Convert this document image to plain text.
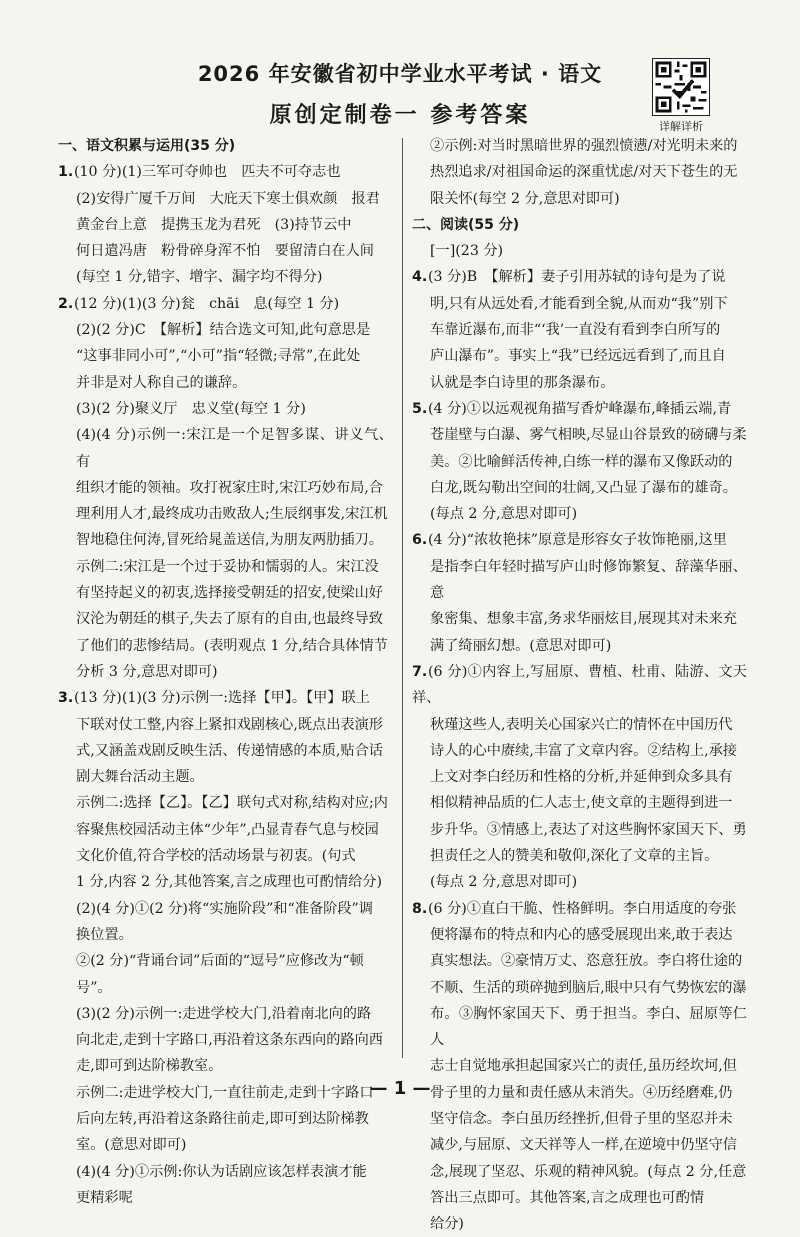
2026 年安徽省初中学业水平考试 · 语文
原创定制卷一 参考答案	详解详析

一、语文积累与运用(35 分)

1.(10 分)(1)三军可夺帅也　匹夫不可夺志也

(2)安得广厦千万间　大庇天下寒士俱欢颜　报君

黄金台上意　提携玉龙为君死　(3)持节云中

何日遣冯唐　粉骨碎身浑不怕　要留清白在人间

(每空 1 分,错字、增字、漏字均不得分)

2.(12 分)(1)(3 分)瓮　chāi　息(每空 1 分)

(2)(2 分)C　【解析】结合选文可知,此句意思是

“这事非同小可”,“小可”指“轻微;寻常”,在此处

并非是对人称自己的谦辞。

(3)(2 分)聚义厅　忠义堂(每空 1 分)

(4)(4 分)示例一:宋江是一个足智多谋、讲义气、有

组织才能的领袖。攻打祝家庄时,宋江巧妙布局,合

理利用人才,最终成功击败敌人;生辰纲事发,宋江机

智地稳住何涛,冒死给晁盖送信,为朋友两肋插刀。

示例二:宋江是一个过于妥协和懦弱的人。宋江没

有坚持起义的初衷,选择接受朝廷的招安,使梁山好

汉沦为朝廷的棋子,失去了原有的自由,也最终导致

了他们的悲惨结局。(表明观点 1 分,结合具体情节

分析 3 分,意思对即可)

3.(13 分)(1)(3 分)示例一:选择【甲】。【甲】联上

下联对仗工整,内容上紧扣戏剧核心,既点出表演形

式,又涵盖戏剧反映生活、传递情感的本质,贴合话

剧大舞台活动主题。

示例二:选择【乙】。【乙】联句式对称,结构对应;内

容聚焦校园活动主体“少年”,凸显青春气息与校园

文化价值,符合学校的活动场景与初衷。(句式

1 分,内容 2 分,其他答案,言之成理也可酌情给分)

(2)(4 分)①(2 分)将“实施阶段”和“准备阶段”调

换位置。

②(2 分)“背诵台词”后面的“逗号”应修改为“顿

号”。

(3)(2 分)示例一:走进学校大门,沿着南北向的路

向北走,走到十字路口,再沿着这条东西向的路向西

走,即可到达阶梯教室。

示例二:走进学校大门,一直往前走,走到十字路口

后向左转,再沿着这条路往前走,即可到达阶梯教

室。(意思对即可)

(4)(4 分)①示例:你认为话剧应该怎样表演才能

更精彩呢

②示例:对当时黑暗世界的强烈愤懑/对光明未来的

热烈追求/对祖国命运的深重忧虑/对天下苍生的无

限关怀(每空 2 分,意思对即可)

二、阅读(55 分)

[一](23 分)

4.(3 分)B　【解析】妻子引用苏轼的诗句是为了说

明,只有从远处看,才能看到全貌,从而劝“我”别下

车靠近瀑布,而非“‘我’一直没有看到李白所写的

庐山瀑布”。事实上“我”已经远远看到了,而且自

认就是李白诗里的那条瀑布。

5.(4 分)①以远观视角描写香炉峰瀑布,峰插云端,青

苍崖壁与白瀑、雾气相映,尽显山谷景致的磅礴与柔

美。②比喻鲜活传神,白练一样的瀑布又像跃动的

白龙,既勾勒出空间的壮阔,又凸显了瀑布的雄奇。

(每点 2 分,意思对即可)

6.(4 分)“浓妆艳抹”原意是形容女子妆饰艳丽,这里

是指李白年轻时描写庐山时修饰繁复、辞藻华丽、意

象密集、想象丰富,务求华丽炫目,展现其对未来充

满了绮丽幻想。(意思对即可)

7.(6 分)①内容上,写屈原、曹植、杜甫、陆游、文天祥、

秋瑾这些人,表明关心国家兴亡的情怀在中国历代

诗人的心中赓续,丰富了文章内容。②结构上,承接

上文对李白经历和性格的分析,并延伸到众多具有

相似精神品质的仁人志士,使文章的主题得到进一

步升华。③情感上,表达了对这些胸怀家国天下、勇

担责任之人的赞美和敬仰,深化了文章的主旨。

(每点 2 分,意思对即可)

8.(6 分)①直白干脆、性格鲜明。李白用适度的夸张

便将瀑布的特点和内心的感受展现出来,敢于表达

真实想法。②豪情万丈、恣意狂放。李白将仕途的

不顺、生活的琐碎抛到脑后,眼中只有气势恢宏的瀑

布。③胸怀家国天下、勇于担当。李白、屈原等仁人

志士自觉地承担起国家兴亡的责任,虽历经坎坷,但

骨子里的力量和责任感从未消失。④历经磨难,仍

坚守信念。李白虽历经挫折,但骨子里的坚忍并未

减少,与屈原、文天祥等人一样,在逆境中仍坚守信

念,展现了坚忍、乐观的精神风貌。(每点 2 分,任意

答出三点即可。其他答案,言之成理也可酌情

给分)

— 1 —
